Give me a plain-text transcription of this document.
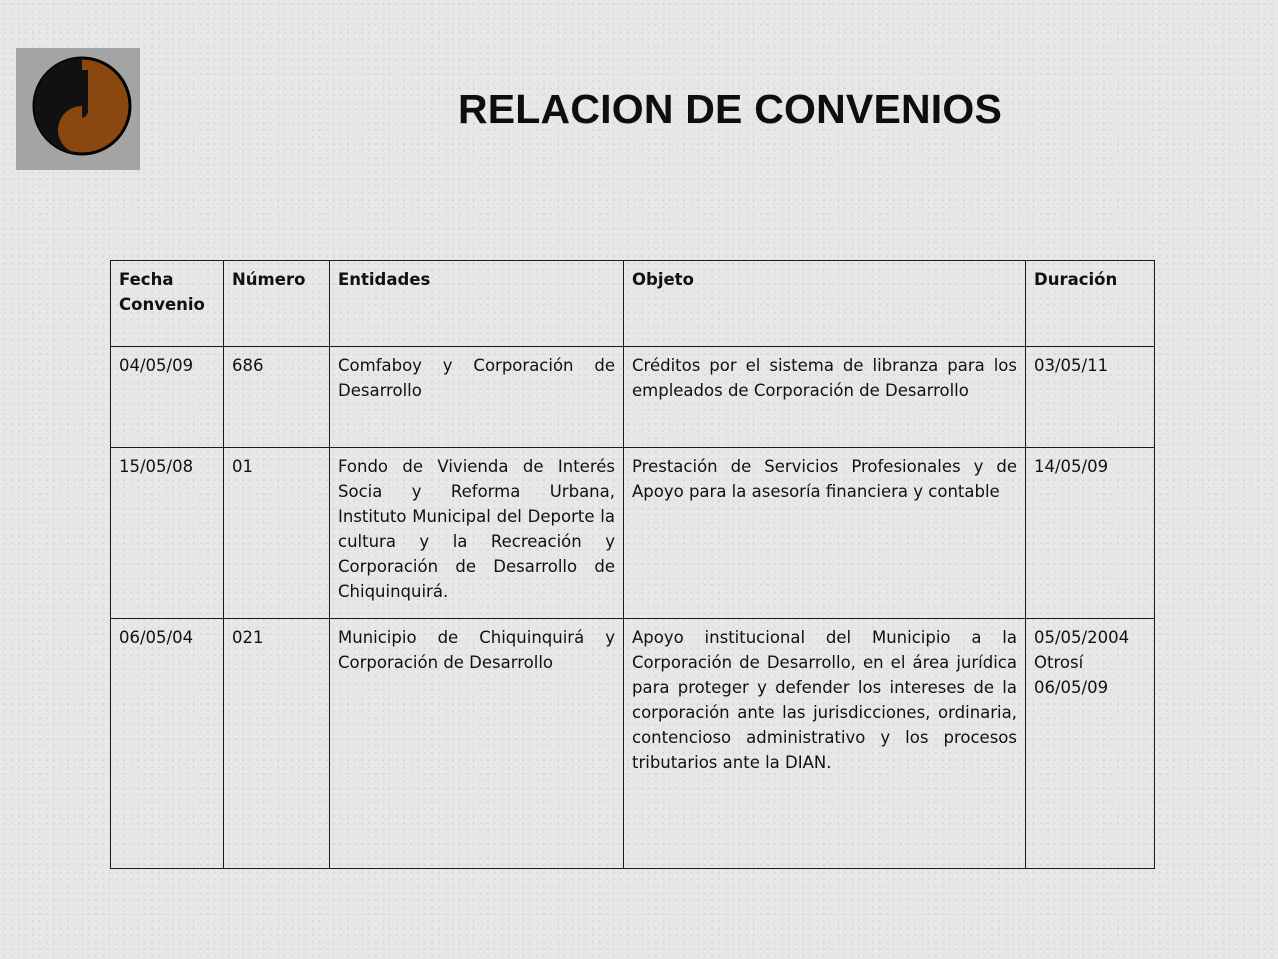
RELACION DE CONVENIOS
Fecha Convenio	Número	Entidades	Objeto	Duración
04/05/09	686	Comfaboy y Corporación de Desarrollo	Créditos por el sistema de libranza para los empleados de Corporación de Desarrollo	03/05/11

15/05/08	01	Fondo de Vivienda de Interés Socia y Reforma Urbana, Instituto Municipal del Deporte la cultura y la Recreación y Corporación de Desarrollo de Chiquinquirá.	Prestación de Servicios Profesionales y de Apoyo para la asesoría financiera y contable	14/05/09

06/05/04	021	Municipio de Chiquinquirá y Corporación de Desarrollo	Apoyo institucional del Municipio a la Corporación de Desarrollo, en el área jurídica para proteger y defender los intereses de la corporación ante las jurisdicciones, ordinaria, contencioso administrativo y los procesos tributarios ante la DIAN.	05/05/2004
Otrosí 06/05/09
